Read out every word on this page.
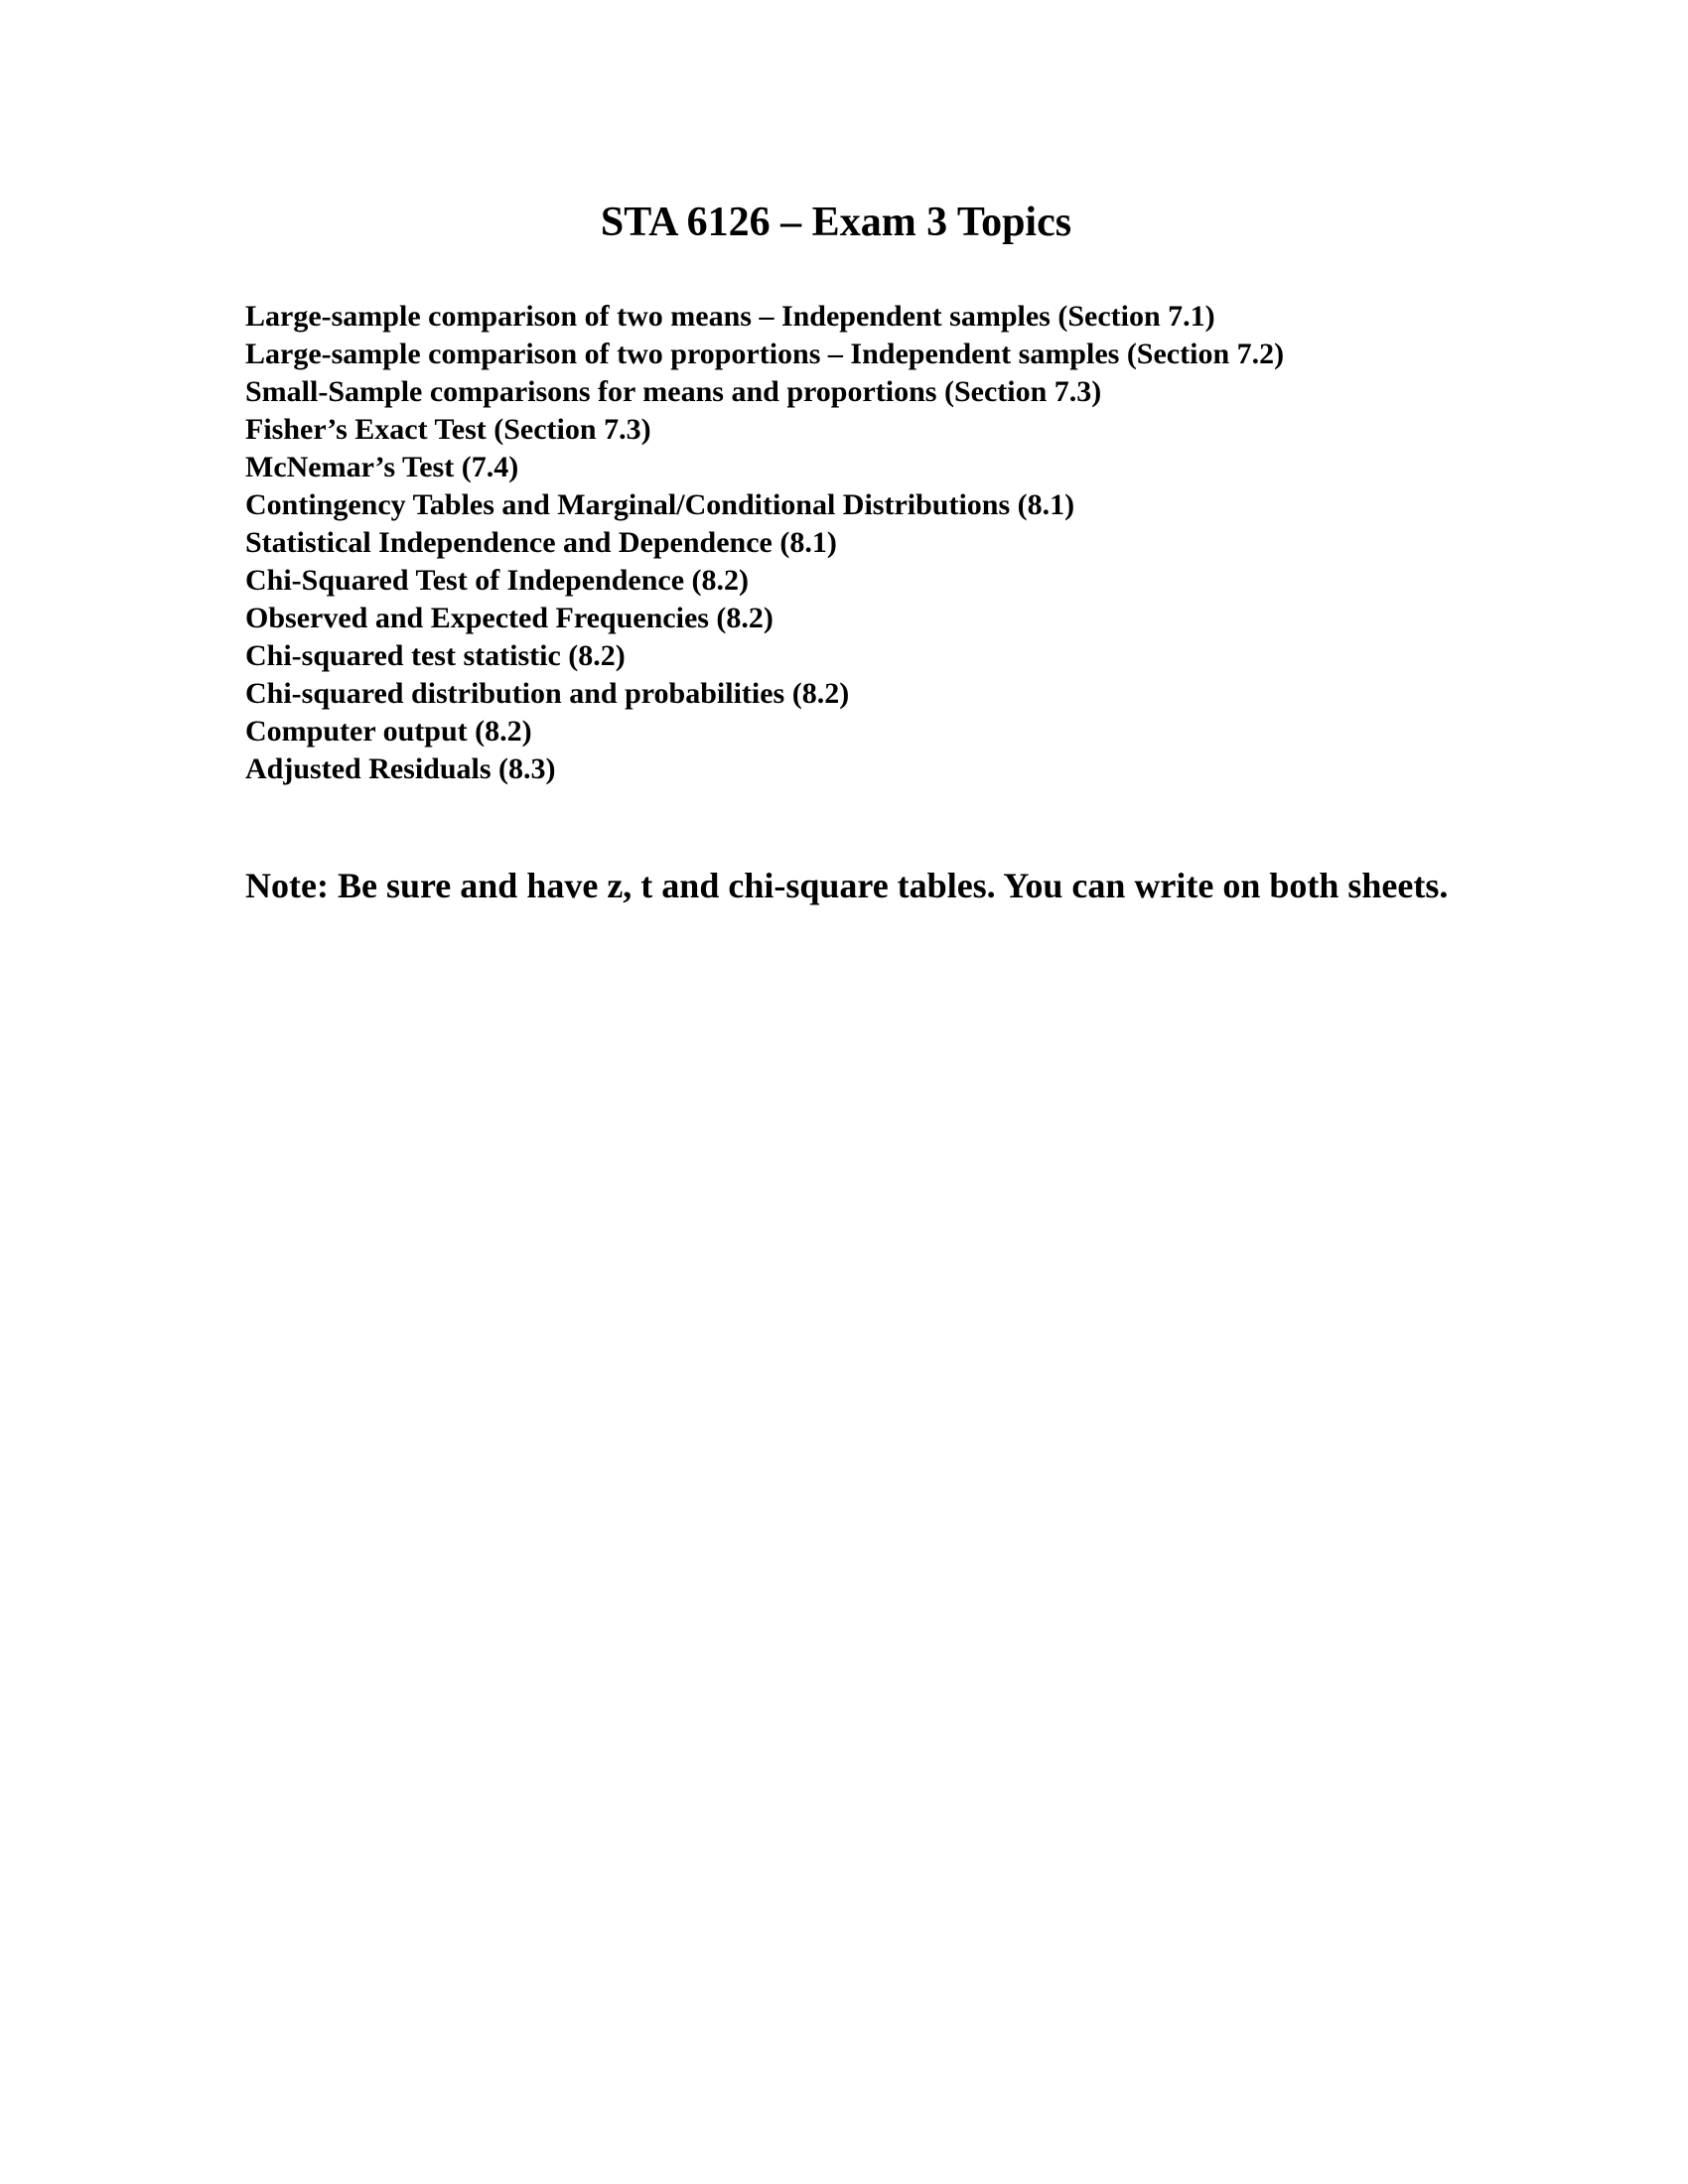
STA 6126 – Exam 3 Topics
Large-sample comparison of two means – Independent samples (Section 7.1)
Large-sample comparison of two proportions – Independent samples (Section 7.2)
Small-Sample comparisons for means and proportions (Section 7.3)
Fisher’s Exact Test (Section 7.3)
McNemar’s Test (7.4)
Contingency Tables and Marginal/Conditional Distributions (8.1)
Statistical Independence and Dependence (8.1)
Chi-Squared Test of Independence (8.2)
Observed and Expected Frequencies (8.2)
Chi-squared test statistic (8.2)
Chi-squared distribution and probabilities (8.2)
Computer output (8.2)
Adjusted Residuals (8.3)
Note: Be sure and have z, t and chi-square tables. You can write on both sheets.
